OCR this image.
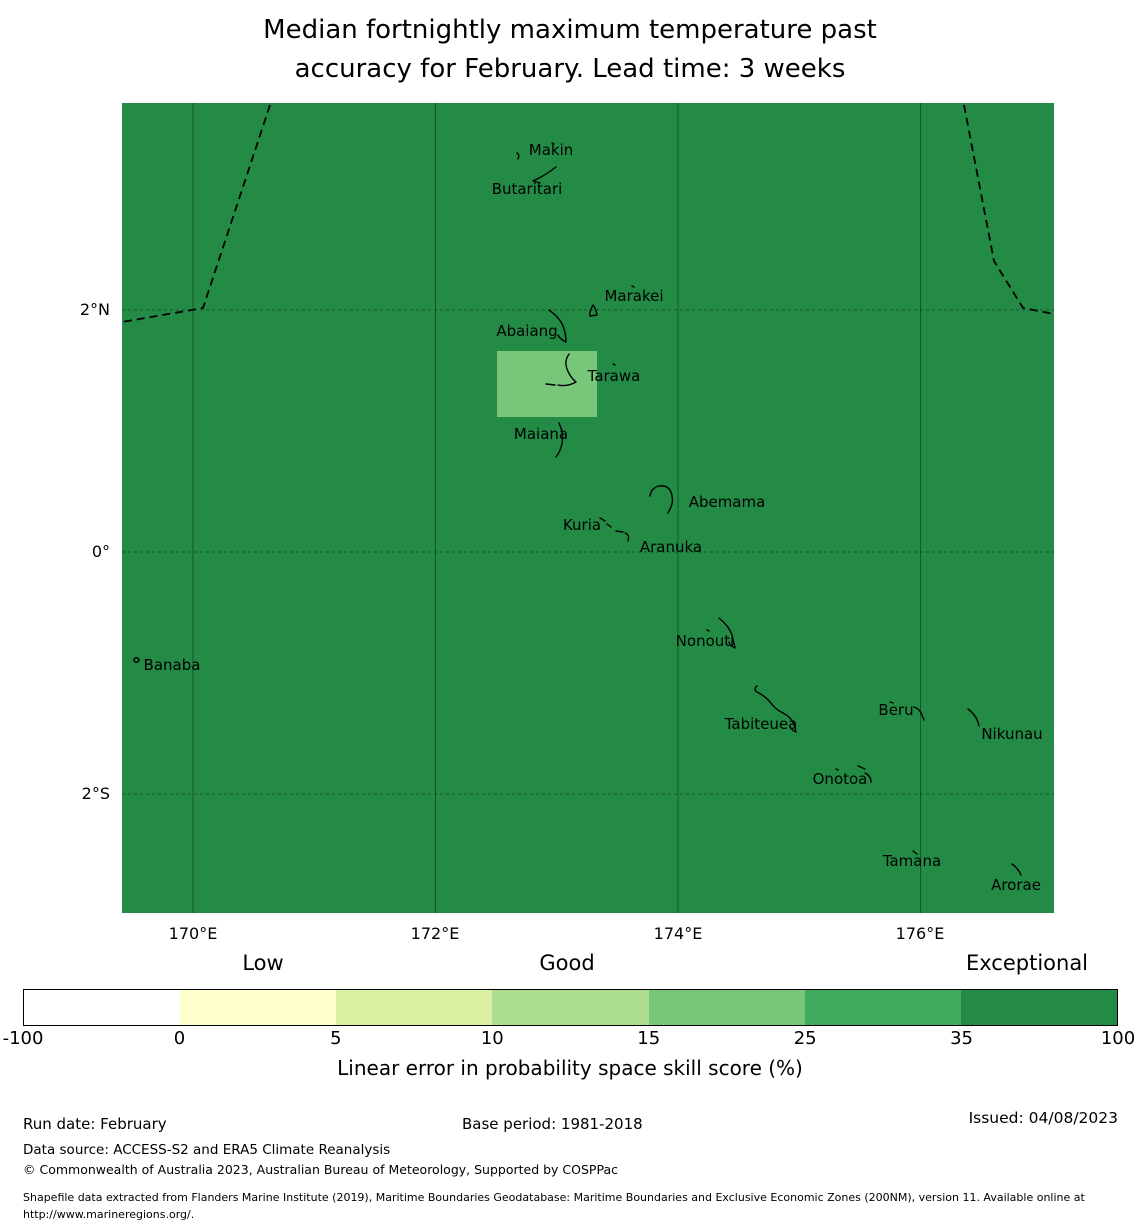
Median fortnightly maximum temperature past
accuracy for February. Lead time: 3 weeks
Makin
Butaritari
Marakei
Abaiang
Tarawa
Maiana
Abemama
Kuria
Aranuka
Nonouti
Banaba
Tabiteuea
Beru
Nikunau
Onotoa
Tamana
Arorae
2°N
0°
2°S
170°E	172°E	174°E	176°E
Low	Good	Exceptional
-100	0	5	10	15	25	35	100
Linear error in probability space skill score (%)
Run date: February	Base period: 1981-2018	Issued: 04/08/2023
Data source: ACCESS-S2 and ERA5 Climate Reanalysis
© Commonwealth of Australia 2023, Australian Bureau of Meteorology, Supported by COSPPac
Shapefile data extracted from Flanders Marine Institute (2019), Maritime Boundaries Geodatabase: Maritime Boundaries and Exclusive Economic Zones (200NM), version 11. Available online at http://www.marineregions.org/.
